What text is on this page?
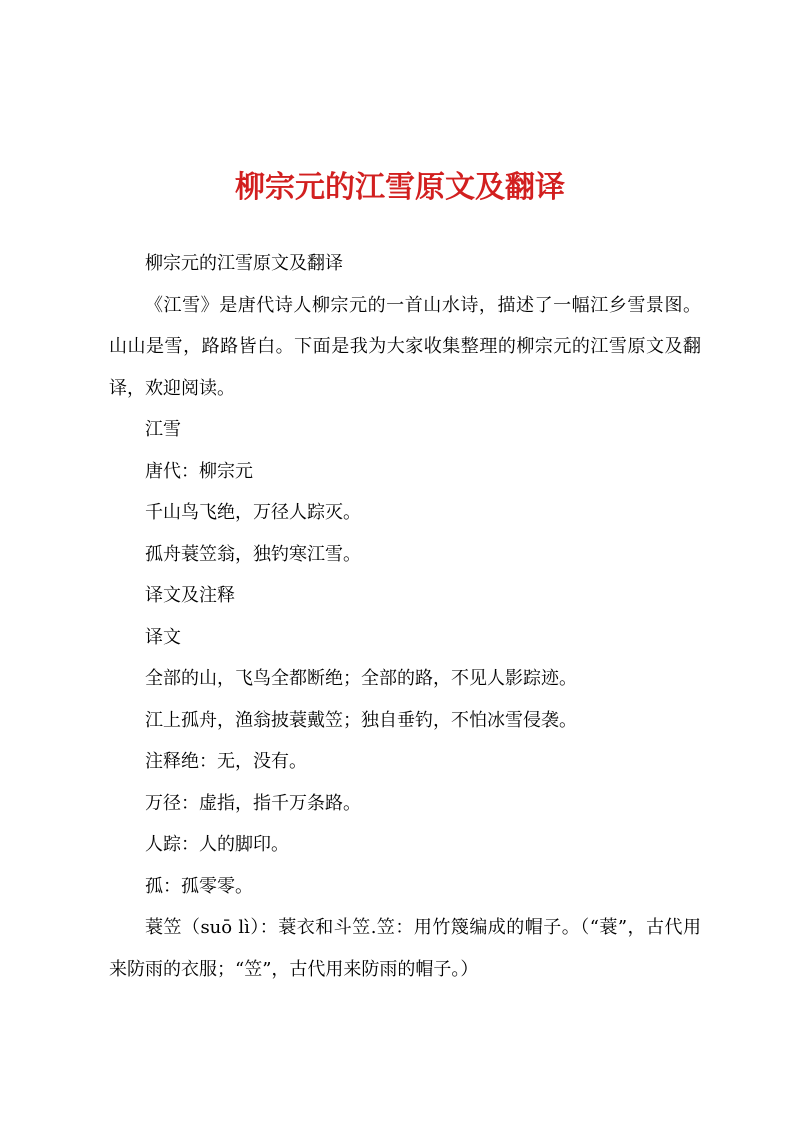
柳宗元的江雪原文及翻译

柳宗元的江雪原文及翻译

《江雪》是唐代诗人柳宗元的一首山水诗，描述了一幅江乡雪景图。山山是雪，路路皆白。下面是我为大家收集整理的柳宗元的江雪原文及翻译，欢迎阅读。

江雪

唐代：柳宗元

千山鸟飞绝，万径人踪灭。

孤舟蓑笠翁，独钓寒江雪。

译文及注释

译文

全部的山，飞鸟全都断绝；全部的路，不见人影踪迹。

江上孤舟，渔翁披蓑戴笠；独自垂钓，不怕冰雪侵袭。

注释绝：无，没有。

万径：虚指，指千万条路。

人踪：人的脚印。

孤：孤零零。

蓑笠（suō lì）：蓑衣和斗笠.笠：用竹篾编成的帽子。（“蓑”，古代用来防雨的衣服；“笠”，古代用来防雨的帽子。）
